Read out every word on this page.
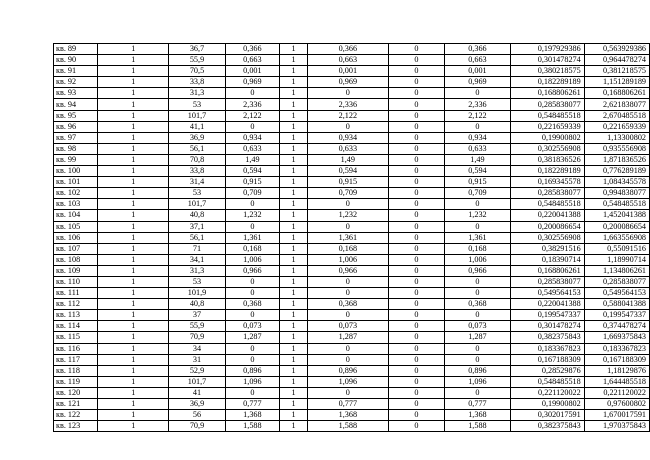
кв. 89	1	36,7	0,366	1	0,366	0	0,366	0,197929386	0,563929386
кв. 90	1	55,9	0,663	1	0,663	0	0,663	0,301478274	0,964478274
кв. 91	1	70,5	0,001	1	0,001	0	0,001	0,380218575	0,381218575
кв. 92	1	33,8	0,969	1	0,969	0	0,969	0,182289189	1,151289189
кв. 93	1	31,3	0	1	0	0	0	0,168806261	0,168806261
кв. 94	1	53	2,336	1	2,336	0	2,336	0,285838077	2,621838077
кв. 95	1	101,7	2,122	1	2,122	0	2,122	0,548485518	2,670485518
кв. 96	1	41,1	0	1	0	0	0	0,221659339	0,221659339
кв. 97	1	36,9	0,934	1	0,934	0	0,934	0,19900802	1,13300802
кв. 98	1	56,1	0,633	1	0,633	0	0,633	0,302556908	0,935556908
кв. 99	1	70,8	1,49	1	1,49	0	1,49	0,381836526	1,871836526
кв. 100	1	33,8	0,594	1	0,594	0	0,594	0,182289189	0,776289189
кв. 101	1	31,4	0,915	1	0,915	0	0,915	0,169345578	1,084345578
кв. 102	1	53	0,709	1	0,709	0	0,709	0,285838077	0,994838077
кв. 103	1	101,7	0	1	0	0	0	0,548485518	0,548485518
кв. 104	1	40,8	1,232	1	1,232	0	1,232	0,220041388	1,452041388
кв. 105	1	37,1	0	1	0	0	0	0,200086654	0,200086654
кв. 106	1	56,1	1,361	1	1,361	0	1,361	0,302556908	1,663556908
кв. 107	1	71	0,168	1	0,168	0	0,168	0,38291516	0,55091516
кв. 108	1	34,1	1,006	1	1,006	0	1,006	0,18390714	1,18990714
кв. 109	1	31,3	0,966	1	0,966	0	0,966	0,168806261	1,134806261
кв. 110	1	53	0	1	0	0	0	0,285838077	0,285838077
кв. 111	1	101,9	0	1	0	0	0	0,549564153	0,549564153
кв. 112	1	40,8	0,368	1	0,368	0	0,368	0,220041388	0,588041388
кв. 113	1	37	0	1	0	0	0	0,199547337	0,199547337
кв. 114	1	55,9	0,073	1	0,073	0	0,073	0,301478274	0,374478274
кв. 115	1	70,9	1,287	1	1,287	0	1,287	0,382375843	1,669375843
кв. 116	1	34	0	1	0	0	0	0,183367823	0,183367823
кв. 117	1	31	0	1	0	0	0	0,167188309	0,167188309
кв. 118	1	52,9	0,896	1	0,896	0	0,896	0,28529876	1,18129876
кв. 119	1	101,7	1,096	1	1,096	0	1,096	0,548485518	1,644485518
кв. 120	1	41	0	1	0	0	0	0,221120022	0,221120022
кв. 121	1	36,9	0,777	1	0,777	0	0,777	0,19900802	0,97600802
кв. 122	1	56	1,368	1	1,368	0	1,368	0,302017591	1,670017591
кв. 123	1	70,9	1,588	1	1,588	0	1,588	0,382375843	1,970375843
